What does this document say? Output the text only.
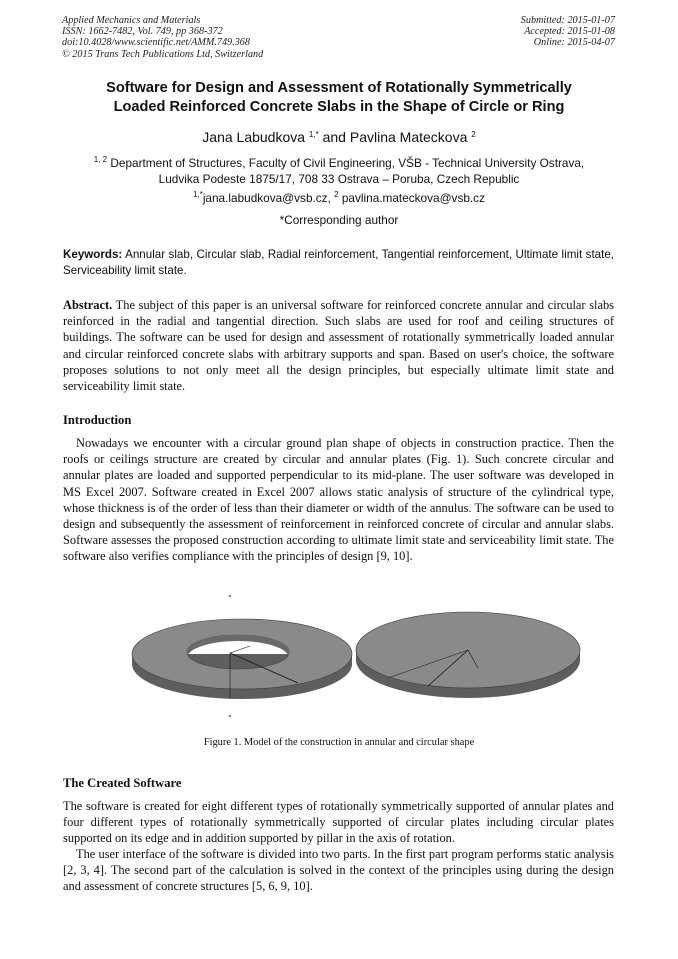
Applied Mechanics and Materials
ISSN: 1662-7482, Vol. 749, pp 368-372
doi:10.4028/www.scientific.net/AMM.749.368
© 2015 Trans Tech Publications Ltd, Switzerland
Submitted: 2015-01-07
Accepted: 2015-01-08
Online: 2015-04-07
Software for Design and Assessment of Rotationally Symmetrically
Loaded Reinforced Concrete Slabs in the Shape of Circle or Ring
Jana Labudkova $^{1,*}$ and Pavlina Mateckova $^2$
$^{1, 2}$ Department of Structures, Faculty of Civil Engineering, VŠB - Technical University Ostrava,
Ludvika Podeste 1875/17, 708 33 Ostrava – Poruba, Czech Republic
$^{1,*}$jana.labudkova@vsb.cz, $^2$ pavlina.mateckova@vsb.cz
*Corresponding author
Keywords: Annular slab, Circular slab, Radial reinforcement, Tangential reinforcement, Ultimate limit state, Serviceability limit state.
Abstract. The subject of this paper is an universal software for reinforced concrete annular and circular slabs reinforced in the radial and tangential direction. Such slabs are used for roof and ceiling structures of buildings. The software can be used for design and assessment of rotationally symmetrically loaded annular and circular reinforced concrete slabs with arbitrary supports and span. Based on user's choice, the software proposes solutions to not only meet all the design principles, but especially ultimate limit state and serviceability limit state.
Introduction
Nowadays we encounter with a circular ground plan shape of objects in construction practice. Then the roofs or ceilings structure are created by circular and annular plates (Fig. 1). Such concrete circular and annular plates are loaded and supported perpendicular to its mid-plane. The user software was developed in MS Excel 2007. Software created in Excel 2007 allows static analysis of structure of the cylindrical type, whose thickness is of the order of less than their diameter or width of the annulus. The software can be used to design and subsequently the assessment of reinforcement in reinforced concrete of circular and annular slabs. Software assesses the proposed construction according to ultimate limit state and serviceability limit state. The software also verifies compliance with the principles of design [9, 10].
Figure 1. Model of the construction in annular and circular shape
The Created Software
The software is created for eight different types of rotationally symmetrically supported of annular plates and four different types of rotationally symmetrically supported of circular plates including circular plates supported on its edge and in addition supported by pillar in the axis of rotation.
The user interface of the software is divided into two parts. In the first part program performs static analysis [2, 3, 4]. The second part of the calculation is solved in the context of the principles using during the design and assessment of concrete structures [5, 6, 9, 10].
